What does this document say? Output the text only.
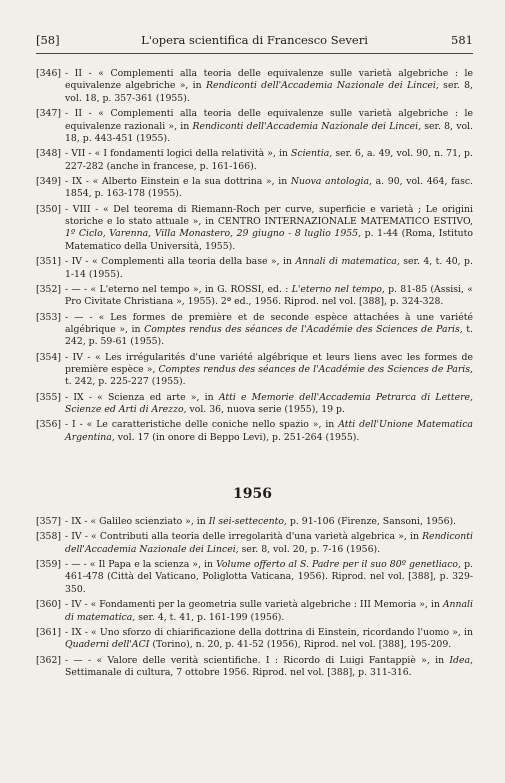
[58]	L'opera scientifica di Francesco Severi	581
[346] - II - « Complementi alla teoria delle equivalenze sulle varietà algebriche : le equivalenze algebriche », in Rendiconti dell'Accademia Nazionale dei Lincei, ser. 8, vol. 18, p. 357-361 (1955).
[347] - II - « Complementi alla teoria delle equivalenze sulle varietà algebriche : le equivalenze razionali », in Rendiconti dell'Accademia Nazionale dei Lincei, ser. 8, vol. 18, p. 443-451 (1955).
[348] - VII - « I fondamenti logici della relatività », in Scientia, ser. 6, a. 49, vol. 90, n. 71, p. 227-282 (anche in francese, p. 161-166).
[349] - IX - « Alberto Einstein e la sua dottrina », in Nuova antologia, a. 90, vol. 464, fasc. 1854, p. 163-178 (1955).
[350] - VIII - « Del teorema di Riemann-Roch per curve, superficie e varietà ; Le origini storiche e lo stato attuale », in CENTRO INTERNAZIONALE MATEMATICO ESTIVO, 1º Ciclo, Varenna, Villa Monastero, 29 giugno - 8 luglio 1955, p. 1-44 (Roma, Istituto Matematico della Università, 1955).
[351] - IV - « Complementi alla teoria della base », in Annali di matematica, ser. 4, t. 40, p. 1-14 (1955).
[352] - — - « L'eterno nel tempo », in G. ROSSI, ed. : L'eterno nel tempo, p. 81-85 (Assisi, « Pro Civitate Christiana », 1955). 2ª ed., 1956. Riprod. nel vol. [388], p. 324-328.
[353] - — - « Les formes de première et de seconde espèce attachées à une variété algébrique », in Comptes rendus des séances de l'Académie des Sciences de Paris, t. 242, p. 59-61 (1955).
[354] - IV - « Les irrégularités d'une variété algébrique et leurs liens avec les formes de première espèce », Comptes rendus des séances de l'Académie des Sciences de Paris, t. 242, p. 225-227 (1955).
[355] - IX - « Scienza ed arte », in Atti e Memorie dell'Accademia Petrarca di Lettere, Scienze ed Arti di Arezzo, vol. 36, nuova serie (1955), 19 p.
[356] - I - « Le caratteristiche delle coniche nello spazio », in Atti dell'Unione Matematica Argentina, vol. 17 (in onore di Beppo Levi), p. 251-264 (1955).
1956
[357] - IX - « Galileo scienziato », in Il sei-settecento, p. 91-106 (Firenze, Sansoni, 1956).
[358] - IV - « Contributi alla teoria delle irregolarità d'una varietà algebrica », in Rendiconti dell'Accademia Nazionale dei Lincei, ser. 8, vol. 20, p. 7-16 (1956).
[359] - — - « Il Papa e la scienza », in Volume offerto al S. Padre per il suo 80º genetliaco, p. 461-478 (Città del Vaticano, Poliglotta Vaticana, 1956). Riprod. nel vol. [388], p. 329-350.
[360] - IV - « Fondamenti per la geometria sulle varietà algebriche : III Memoria », in Annali di matematica, ser. 4, t. 41, p. 161-199 (1956).
[361] - IX - « Uno sforzo di chiarificazione della dottrina di Einstein, ricordando l'uomo », in Quaderni dell'ACI (Torino), n. 20, p. 41-52 (1956), Riprod. nel vol. [388], 195-209.
[362] - — - « Valore delle verità scientifiche. I : Ricordo di Luigi Fantappiè », in Idea, Settimanale di cultura, 7 ottobre 1956. Riprod. nel vol. [388], p. 311-316.
